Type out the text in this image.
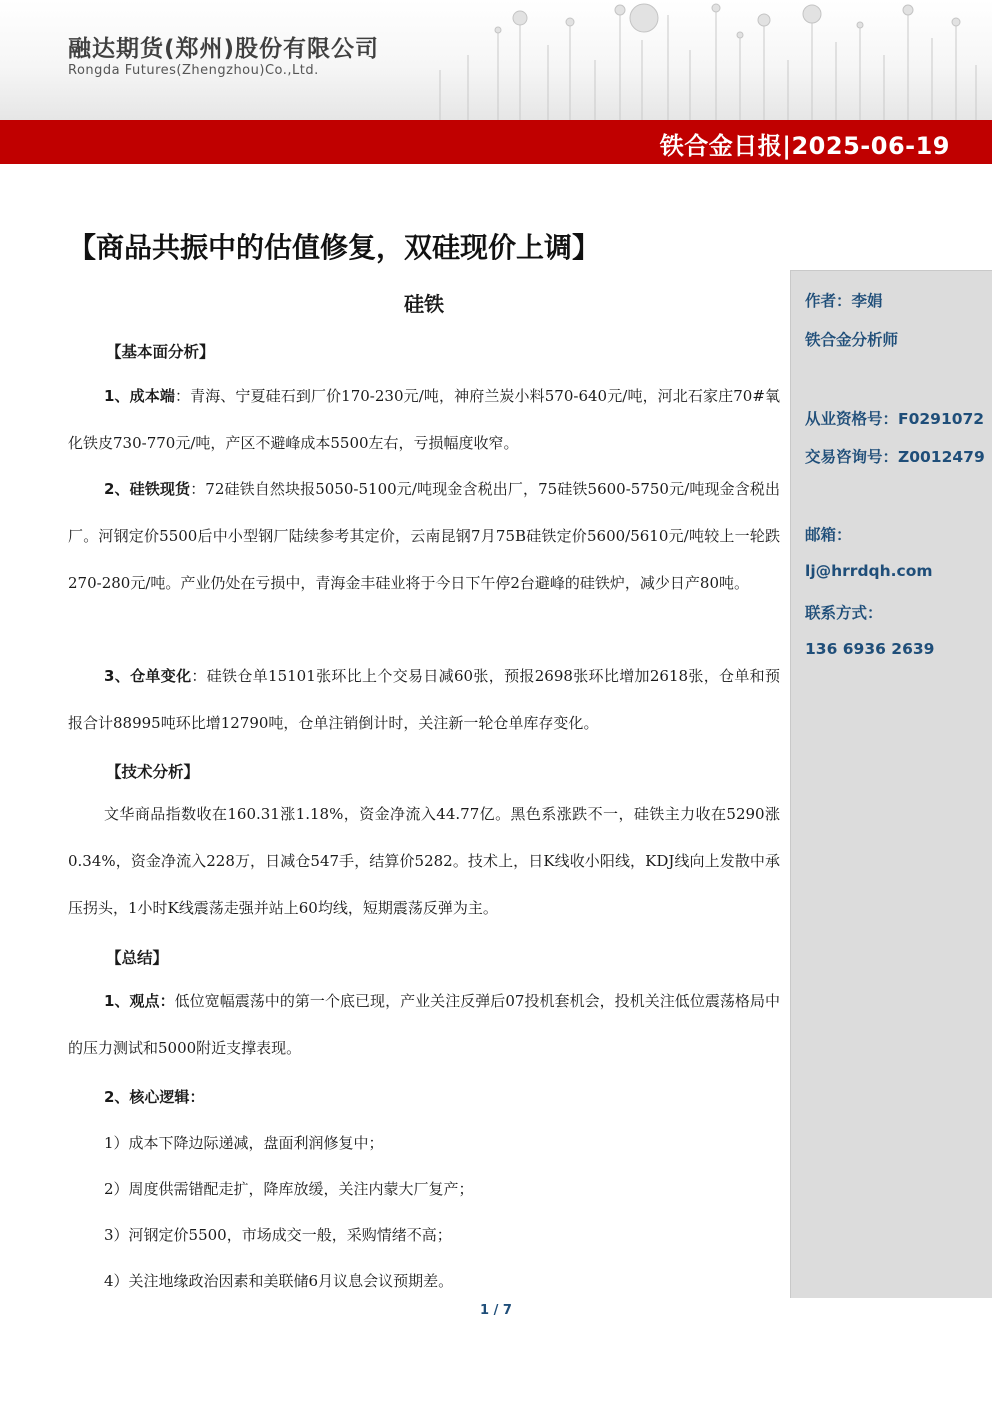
融达期货(郑州)股份有限公司
Rongda Futures(Zhengzhou)Co.,Ltd.
铁合金日报|2025-06-19
【商品共振中的估值修复，双硅现价上调】
作者：李娟
铁合金分析师
从业资格号：F0291072
交易咨询号：Z0012479
邮箱：
lj@hrrdqh.com
联系方式：
136 6936 2639
硅铁
【基本面分析】

1、成本端：青海、宁夏硅石到厂价170-230元/吨，神府兰炭小料570-640元/吨，河北石家庄70#氧化铁皮730-770元/吨，产区不避峰成本5500左右，亏损幅度收窄。

2、硅铁现货：72硅铁自然块报5050-5100元/吨现金含税出厂，75硅铁5600-5750元/吨现金含税出厂。河钢定价5500后中小型钢厂陆续参考其定价，云南昆钢7月75B硅铁定价5600/5610元/吨较上一轮跌270-280元/吨。产业仍处在亏损中，青海金丰硅业将于今日下午停2台避峰的硅铁炉，减少日产80吨。

3、仓单变化：硅铁仓单15101张环比上个交易日减60张，预报2698张环比增加2618张，仓单和预报合计88995吨环比增12790吨，仓单注销倒计时，关注新一轮仓单库存变化。

【技术分析】

文华商品指数收在160.31涨1.18%，资金净流入44.77亿。黑色系涨跌不一，硅铁主力收在5290涨0.34%，资金净流入228万，日减仓547手，结算价5282。技术上，日K线收小阳线，KDJ线向上发散中承压拐头，1小时K线震荡走强并站上60均线，短期震荡反弹为主。

【总结】

1、观点：低位宽幅震荡中的第一个底已现，产业关注反弹后07投机套机会，投机关注低位震荡格局中的压力测试和5000附近支撑表现。

2、核心逻辑：
1）成本下降边际递减，盘面利润修复中；
2）周度供需错配走扩，降库放缓，关注内蒙大厂复产；
3）河钢定价5500，市场成交一般，采购情绪不高；
4）关注地缘政治因素和美联储6月议息会议预期差。
1 / 7
